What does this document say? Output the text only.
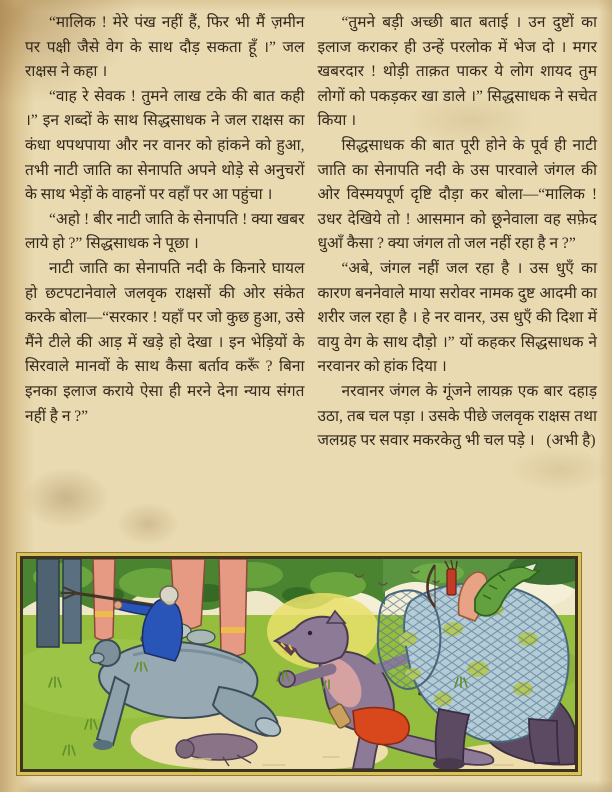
“मालिक ! मेरे पंख नहीं हैं, फिर भी मैं ज़मीन पर पक्षी जैसे वेग के साथ दौड़ सकता हूँ ।” जल राक्षस ने कहा ।

“वाह रे सेवक ! तुमने लाख टके की बात कही ।” इन शब्दों के साथ सिद्धसाधक ने जल राक्षस का कंधा थपथपाया और नर वानर को हांकने को हुआ, तभी नाटी जाति का सेनापति अपने थोड़े से अनुचरों के साथ भेड़ों के वाहनों पर वहाँ पर आ पहुंचा ।

“अहो ! बीर नाटी जाति के सेनापति ! क्या खबर लाये हो ?” सिद्धसाधक ने पूछा ।

नाटी जाति का सेनापति नदी के किनारे घायल हो छटपटानेवाले जलवृक राक्षसों की ओर संकेत करके बोला—“सरकार ! यहाँ पर जो कुछ हुआ, उसे मैंने टीले की आड़ में खड़े हो देखा । इन भेड़ियों के सिरवाले मानवों के साथ कैसा बर्ताव करूँ ? बिना इनका इलाज कराये ऐसा ही मरने देना न्याय संगत नहीं है न ?”

“तुमने बड़ी अच्छी बात बताई । उन दुष्टों का इलाज कराकर ही उन्हें परलोक में भेज दो । मगर खबरदार ! थोड़ी ताक़त पाकर ये लोग शायद तुम लोगों को पकड़कर खा डाले ।” सिद्धसाधक ने सचेत किया ।

सिद्धसाधक की बात पूरी होने के पूर्व ही नाटी जाति का सेनापति नदी के उस पारवाले जंगल की ओर विस्मयपूर्ण दृष्टि दौड़ा कर बोला—“मालिक ! उधर देखिये तो ! आसमान को छूनेवाला वह सफ़ेद धुआँ कैसा ? क्या जंगल तो जल नहीं रहा है न ?”

“अबे, जंगल नहीं जल रहा है । उस धुएँ का कारण बननेवाले माया सरोवर नामक दुष्ट आदमी का शरीर जल रहा है । हे नर वानर, उस धुएँ की दिशा में वायु वेग के साथ दौड़ो ।” यों कहकर सिद्धसाधक ने नरवानर को हांक दिया ।

नरवानर जंगल के गूंजने लायक़ एक बार दहाड़ उठा, तब चल पड़ा । उसके पीछे जलवृक राक्षस तथा जलग्रह पर सवार मकरकेतु भी चल पड़े । (अभी है)
